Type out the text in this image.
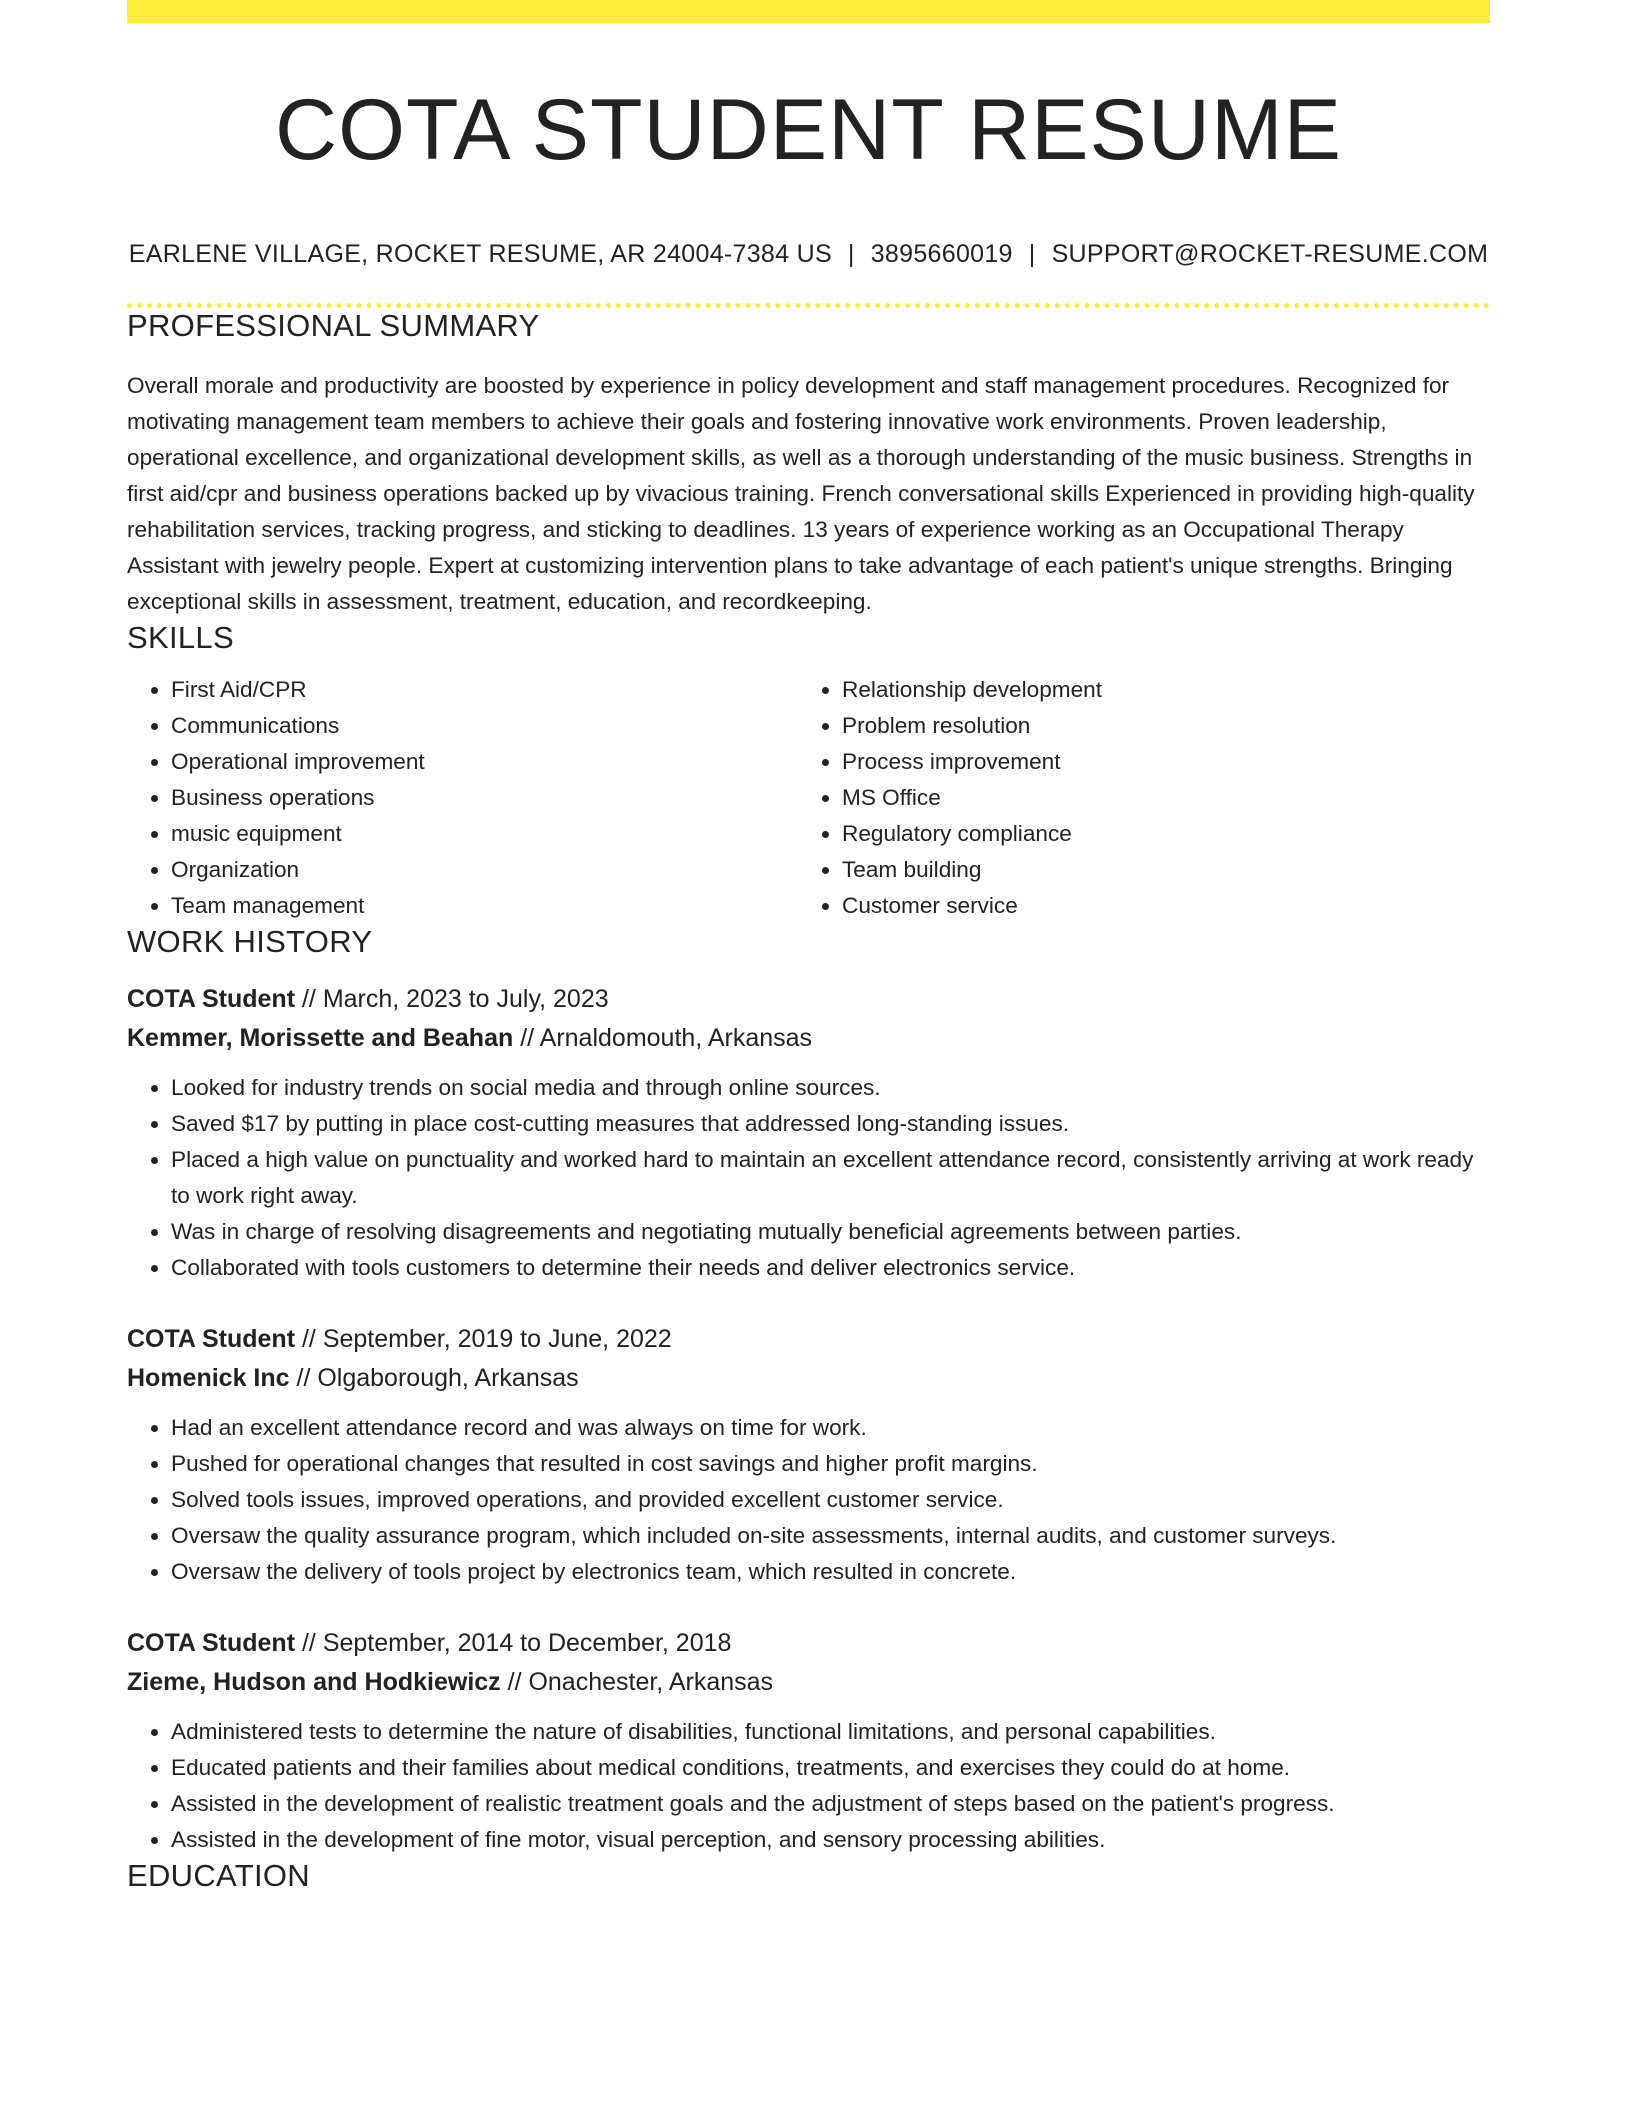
COTA STUDENT RESUME
EARLENE VILLAGE, ROCKET RESUME, AR 24004-7384 US | 3895660019 | SUPPORT@ROCKET-RESUME.COM
PROFESSIONAL SUMMARY

Overall morale and productivity are boosted by experience in policy development and staff management procedures. Recognized for motivating management team members to achieve their goals and fostering innovative work environments. Proven leadership, operational excellence, and organizational development skills, as well as a thorough understanding of the music business. Strengths in first aid/cpr and business operations backed up by vivacious training. French conversational skills Experienced in providing high-quality rehabilitation services, tracking progress, and sticking to deadlines. 13 years of experience working as an Occupational Therapy Assistant with jewelry people. Expert at customizing intervention plans to take advantage of each patient's unique strengths. Bringing exceptional skills in assessment, treatment, education, and recordkeeping.

SKILLS
• First Aid/CPR
• Communications
• Operational improvement
• Business operations
• music equipment
• Organization
• Team management
• Relationship development
• Problem resolution
• Process improvement
• MS Office
• Regulatory compliance
• Team building
• Customer service
WORK HISTORY
COTA Student // March, 2023 to July, 2023
Kemmer, Morissette and Beahan // Arnaldomouth, Arkansas
• Looked for industry trends on social media and through online sources.
• Saved $17 by putting in place cost-cutting measures that addressed long-standing issues.
• Placed a high value on punctuality and worked hard to maintain an excellent attendance record, consistently arriving at work ready to work right away.
• Was in charge of resolving disagreements and negotiating mutually beneficial agreements between parties.
• Collaborated with tools customers to determine their needs and deliver electronics service.
COTA Student // September, 2019 to June, 2022
Homenick Inc // Olgaborough, Arkansas
• Had an excellent attendance record and was always on time for work.
• Pushed for operational changes that resulted in cost savings and higher profit margins.
• Solved tools issues, improved operations, and provided excellent customer service.
• Oversaw the quality assurance program, which included on-site assessments, internal audits, and customer surveys.
• Oversaw the delivery of tools project by electronics team, which resulted in concrete.
COTA Student // September, 2014 to December, 2018
Zieme, Hudson and Hodkiewicz // Onachester, Arkansas
• Administered tests to determine the nature of disabilities, functional limitations, and personal capabilities.
• Educated patients and their families about medical conditions, treatments, and exercises they could do at home.
• Assisted in the development of realistic treatment goals and the adjustment of steps based on the patient's progress.
• Assisted in the development of fine motor, visual perception, and sensory processing abilities.
EDUCATION
